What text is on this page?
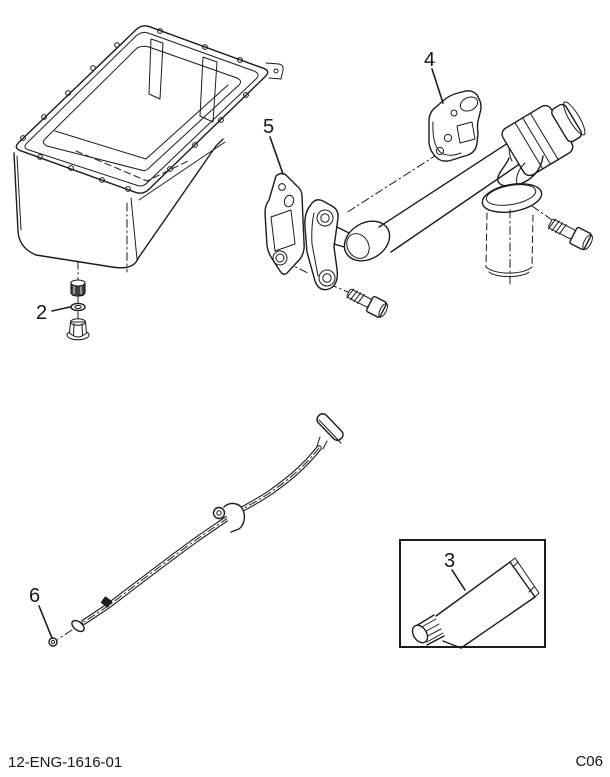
2
4
5
6
3
12-ENG-1616-01	C06
